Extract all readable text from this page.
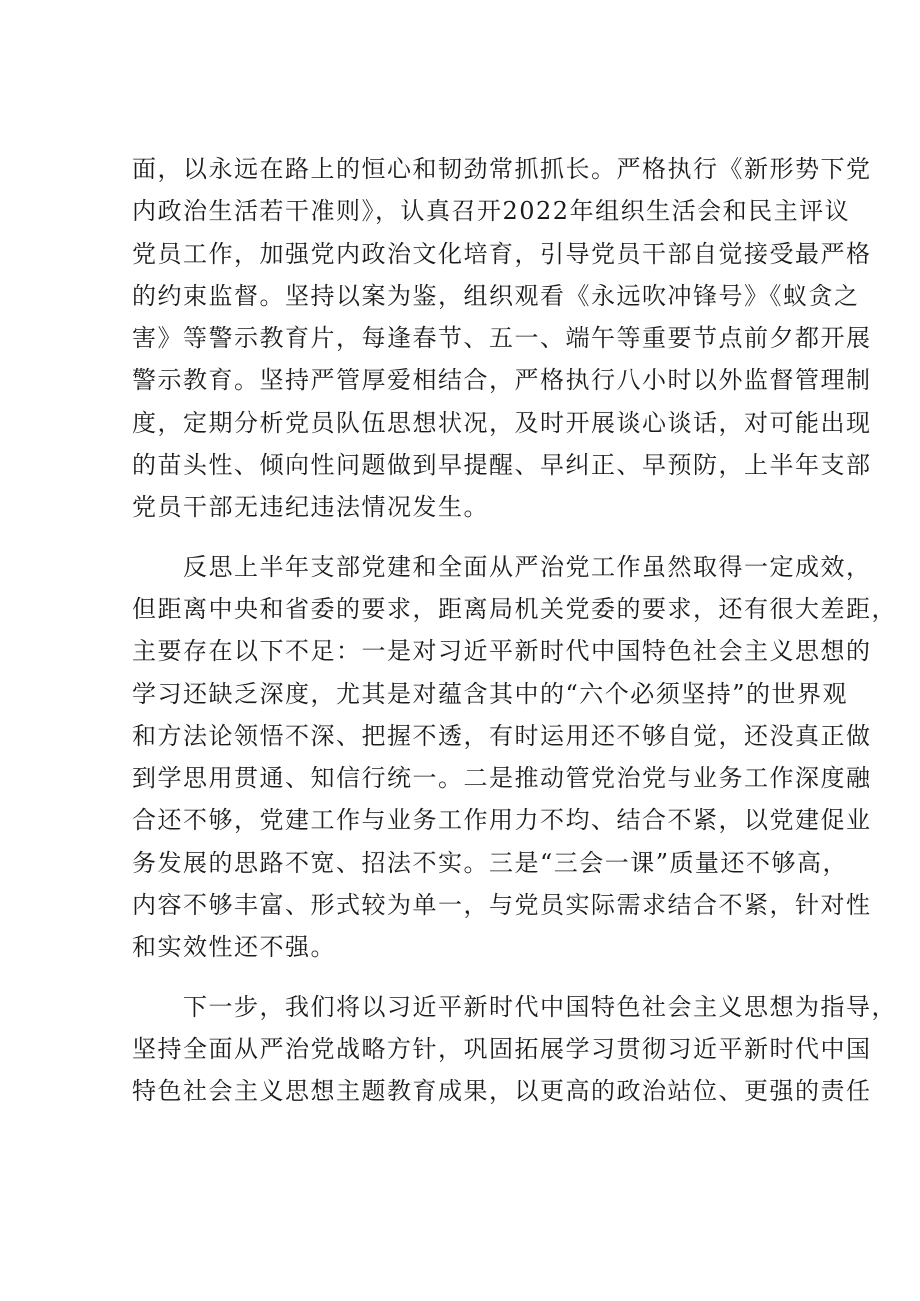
面，以永远在路上的恒心和韧劲常抓抓长。严格执行《新形势下党
内政治生活若干准则》，认真召开2022年组织生活会和民主评议
党员工作，加强党内政治文化培育，引导党员干部自觉接受最严格
的约束监督。坚持以案为鉴，组织观看《永远吹冲锋号》《蚁贪之
害》等警示教育片，每逢春节、五一、端午等重要节点前夕都开展
警示教育。坚持严管厚爱相结合，严格执行八小时以外监督管理制
度，定期分析党员队伍思想状况，及时开展谈心谈话，对可能出现
的苗头性、倾向性问题做到早提醒、早纠正、早预防，上半年支部
党员干部无违纪违法情况发生。

反思上半年支部党建和全面从严治党工作虽然取得一定成效，
但距离中央和省委的要求，距离局机关党委的要求，还有很大差距，
主要存在以下不足：一是对习近平新时代中国特色社会主义思想的
学习还缺乏深度，尤其是对蕴含其中的“六个必须坚持”的世界观
和方法论领悟不深、把握不透，有时运用还不够自觉，还没真正做
到学思用贯通、知信行统一。二是推动管党治党与业务工作深度融
合还不够，党建工作与业务工作用力不均、结合不紧，以党建促业
务发展的思路不宽、招法不实。三是“三会一课”质量还不够高，
内容不够丰富、形式较为单一，与党员实际需求结合不紧，针对性
和实效性还不强。

下一步，我们将以习近平新时代中国特色社会主义思想为指导，
坚持全面从严治党战略方针，巩固拓展学习贯彻习近平新时代中国
特色社会主义思想主题教育成果，以更高的政治站位、更强的责任
